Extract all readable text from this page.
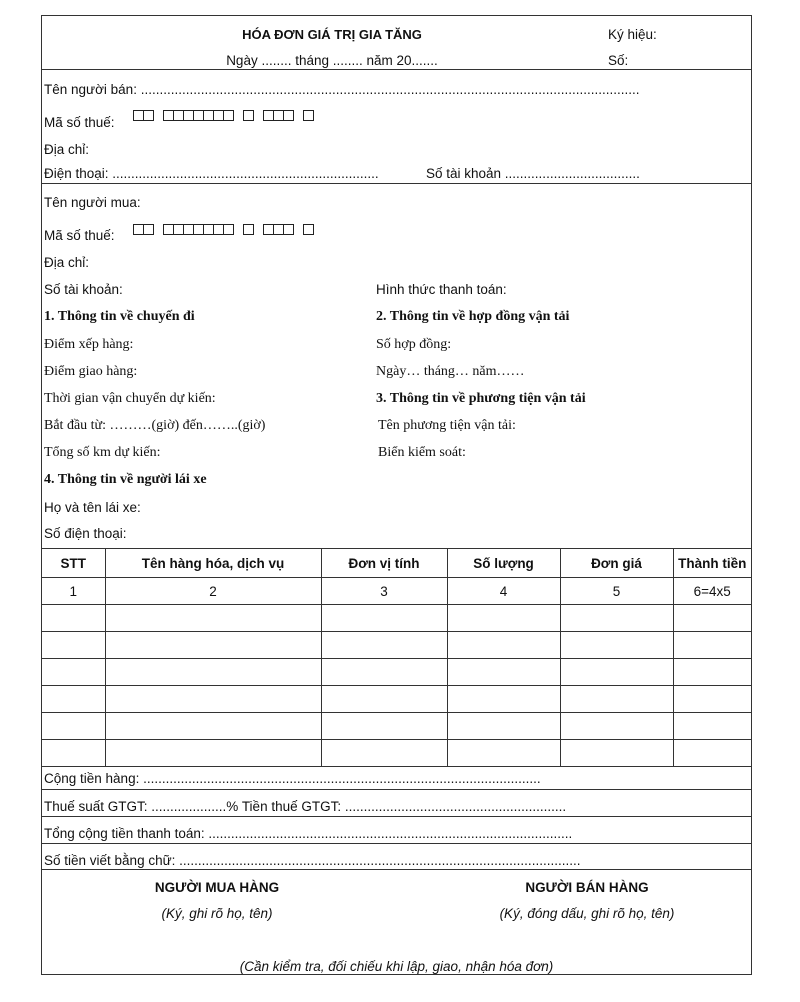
HÓA ĐƠN GIÁ TRỊ GIA TĂNG
Ngày ........ tháng ........ năm 20.......
Ký hiệu:
Số:
Tên người bán: .....................................................................................................................................
Mã số thuế:
Địa chỉ:
Điện thoại: .......................................................................	Số tài khoản ....................................
Tên người mua:
Mã số thuế:
Địa chỉ:
Số tài khoản:	Hình thức thanh toán:
1. Thông tin về chuyến đi	2. Thông tin về hợp đồng vận tải
Điểm xếp hàng:	Số hợp đồng:
Điểm giao hàng:	Ngày… tháng… năm……
Thời gian vận chuyển dự kiến:	3. Thông tin về phương tiện vận tải
Bắt đầu từ: ………(giờ) đến……..(giờ)	Tên phương tiện vận tải:
Tổng số km dự kiến:	Biển kiểm soát:
4. Thông tin về người lái xe
Họ và tên lái xe:
Số điện thoại:
STT	Tên hàng hóa, dịch vụ	Đơn vị tính	Số lượng	Đơn giá	Thành tiền
1	2	3	4	5	6=4x5

Cộng tiền hàng: ..........................................................................................................
Thuế suất GTGT: ....................% Tiền thuế GTGT: ...........................................................
Tổng cộng tiền thanh toán: .................................................................................................
Số tiền viết bằng chữ: ...........................................................................................................
NGƯỜI MUA HÀNG
(Ký, ghi rõ họ, tên)
NGƯỜI BÁN HÀNG
(Ký, đóng dấu, ghi rõ họ, tên)
(Cần kiểm tra, đối chiếu khi lập, giao, nhận hóa đơn)
